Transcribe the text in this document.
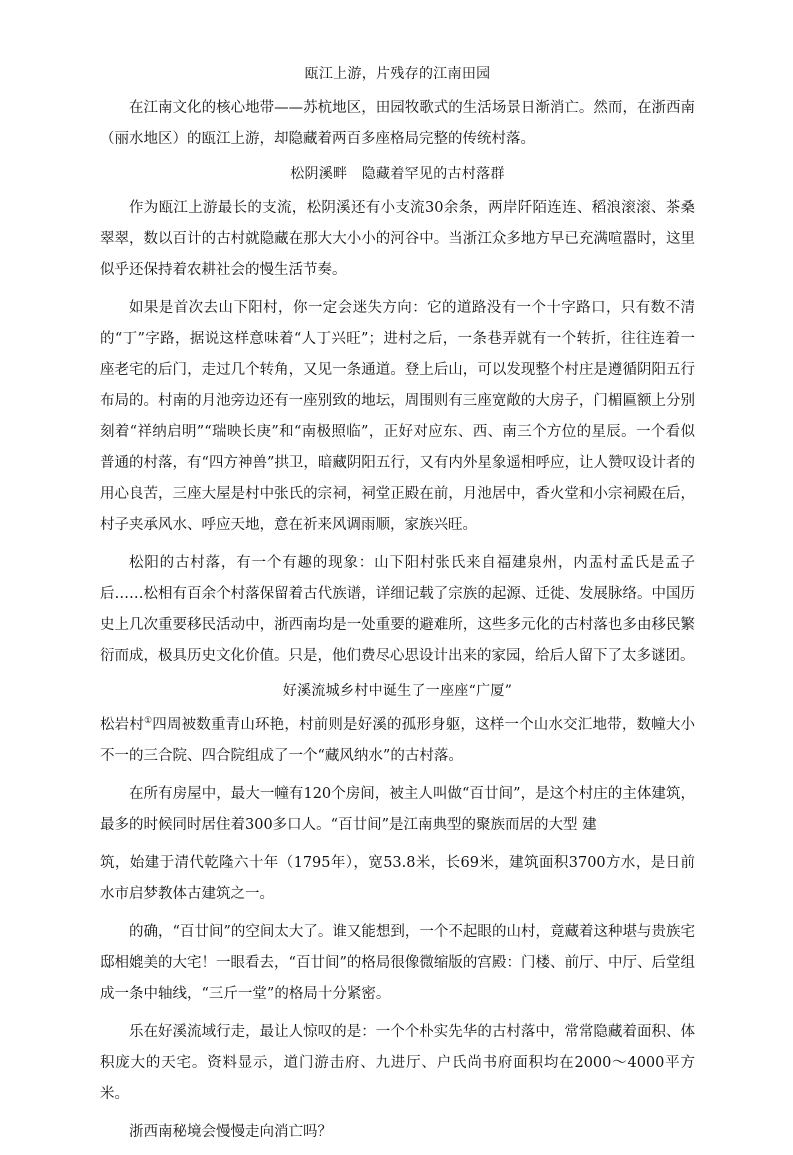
瓯江上游，片残存的江南田园

在江南文化的核心地带——苏杭地区，田园牧歌式的生活场景日渐消亡。然而，在浙西南（丽水地区）的瓯江上游，却隐藏着两百多座格局完整的传统村落。

松阴溪畔　隐藏着罕见的古村落群

作为瓯江上游最长的支流，松阴溪还有小支流30余条，两岸阡陌连连、稻浪滚滚、茶桑翠翠，数以百计的古村就隐藏在那大大小小的河谷中。当浙江众多地方早已充满喧嚣时，这里似乎还保持着农耕社会的慢生活节奏。

如果是首次去山下阳村，你一定会迷失方向：它的道路没有一个十字路口，只有数不清的“丁”字路，据说这样意味着“人丁兴旺”；进村之后，一条巷弄就有一个转折，往往连着一座老宅的后门，走过几个转角，又见一条通道。登上后山，可以发现整个村庄是遵循阴阳五行布局的。村南的月池旁边还有一座别致的地坛，周围则有三座宽敞的大房子，门楣匾额上分别刻着“祥纳启明”“瑞映长庚”和“南极照临”，正好对应东、西、南三个方位的星辰。一个看似普通的村落，有“四方神兽”拱卫，暗藏阴阳五行，又有内外星象遥相呼应，让人赞叹设计者的用心良苦，三座大屋是村中张氏的宗祠，祠堂正殿在前，月池居中，香火堂和小宗祠殿在后，村子夹承风水、呼应天地，意在祈来风调雨顺，家族兴旺。

松阳的古村落，有一个有趣的现象：山下阳村张氏来自福建泉州，内盂村孟氏是孟子后……松相有百余个村落保留着古代族谱，详细记载了宗族的起源、迁徙、发展脉络。中国历史上几次重要移民活动中，浙西南均是一处重要的避难所，这些多元化的古村落也多由移民繁衍而成，极具历史文化价值。只是，他们费尽心思设计出来的家园，给后人留下了太多谜团。

好溪流城乡村中诞生了一座座“广厦”

松岩村①四周被数重青山环艳，村前则是好溪的孤形身躯，这样一个山水交汇地带，数幢大小不一的三合院、四合院组成了一个“藏风纳水”的古村落。

在所有房屋中，最大一幢有120个房间，被主人叫做“百廿间”，是这个村庄的主体建筑，最多的时候同时居住着300多口人。“百廿间”是江南典型的聚族而居的大型 建

筑，始建于清代乾隆六十年（1795年），宽53.8米，长69米，建筑面积3700方水，是日前水市启梦教体古建筑之一。

的确，“百廿间”的空间太大了。谁又能想到，一个不起眼的山村，竟藏着这种堪与贵族宅邸相媲美的大宅！一眼看去，“百廿间”的格局很像微缩版的宫殿：门楼、前厅、中厅、后堂组成一条中轴线，“三斤一堂”的格局十分紧密。

乐在好溪流域行走，最让人惊叹的是：一个个朴实先华的古村落中，常常隐藏着面积、体积庞大的天宅。资料显示，道门游击府、九进厅、户氏尚书府面积均在2000～4000平方米。

浙西南秘境会慢慢走向消亡吗？
